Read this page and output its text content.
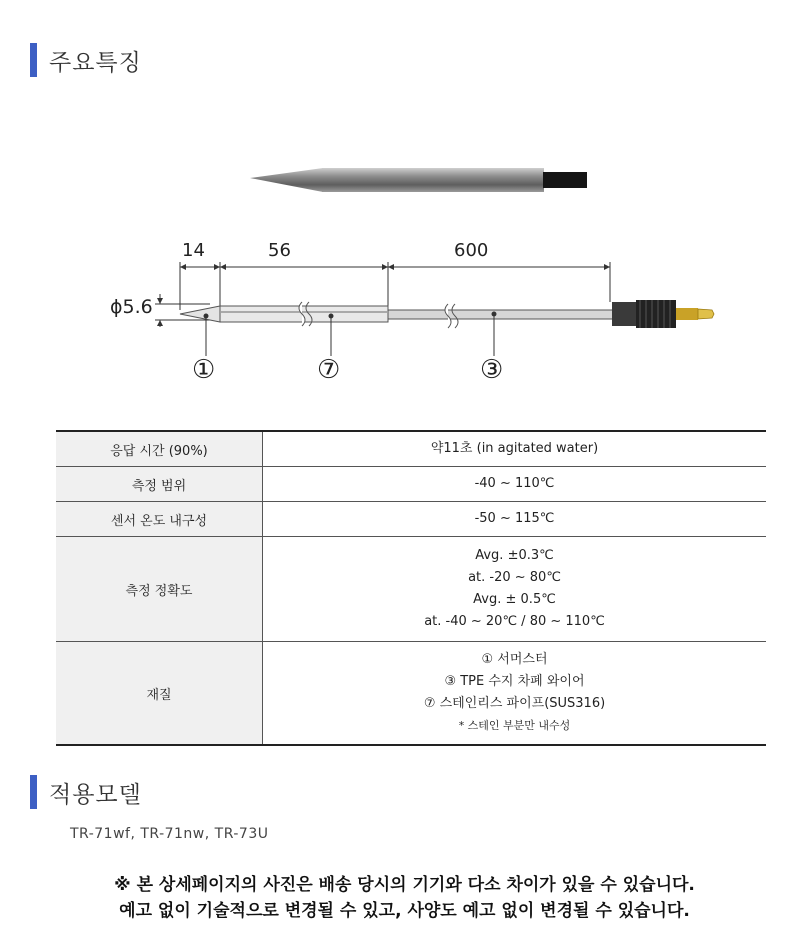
주요특징
14	56	600
ϕ5.6
①	⑦	③
응답 시간 (90%)	약11초 (in agitated water)

측정 범위	-40 ~ 110℃

센서 온도 내구성	-50 ~ 115℃

측정 정확도	Avg. ±0.3℃
at. -20 ~ 80℃
Avg. ± 0.5℃
at. -40 ~ 20℃ / 80 ~ 110℃

재질	① 서머스터
③ TPE 수지 차폐 와이어
⑦ 스테인리스 파이프(SUS316)
* 스테인 부분만 내수성
적용모델
TR-71wf, TR-71nw, TR-73U
※ 본 상세페이지의 사진은 배송 당시의 기기와 다소 차이가 있을 수 있습니다.
예고 없이 기술적으로 변경될 수 있고, 사양도 예고 없이 변경될 수 있습니다.
